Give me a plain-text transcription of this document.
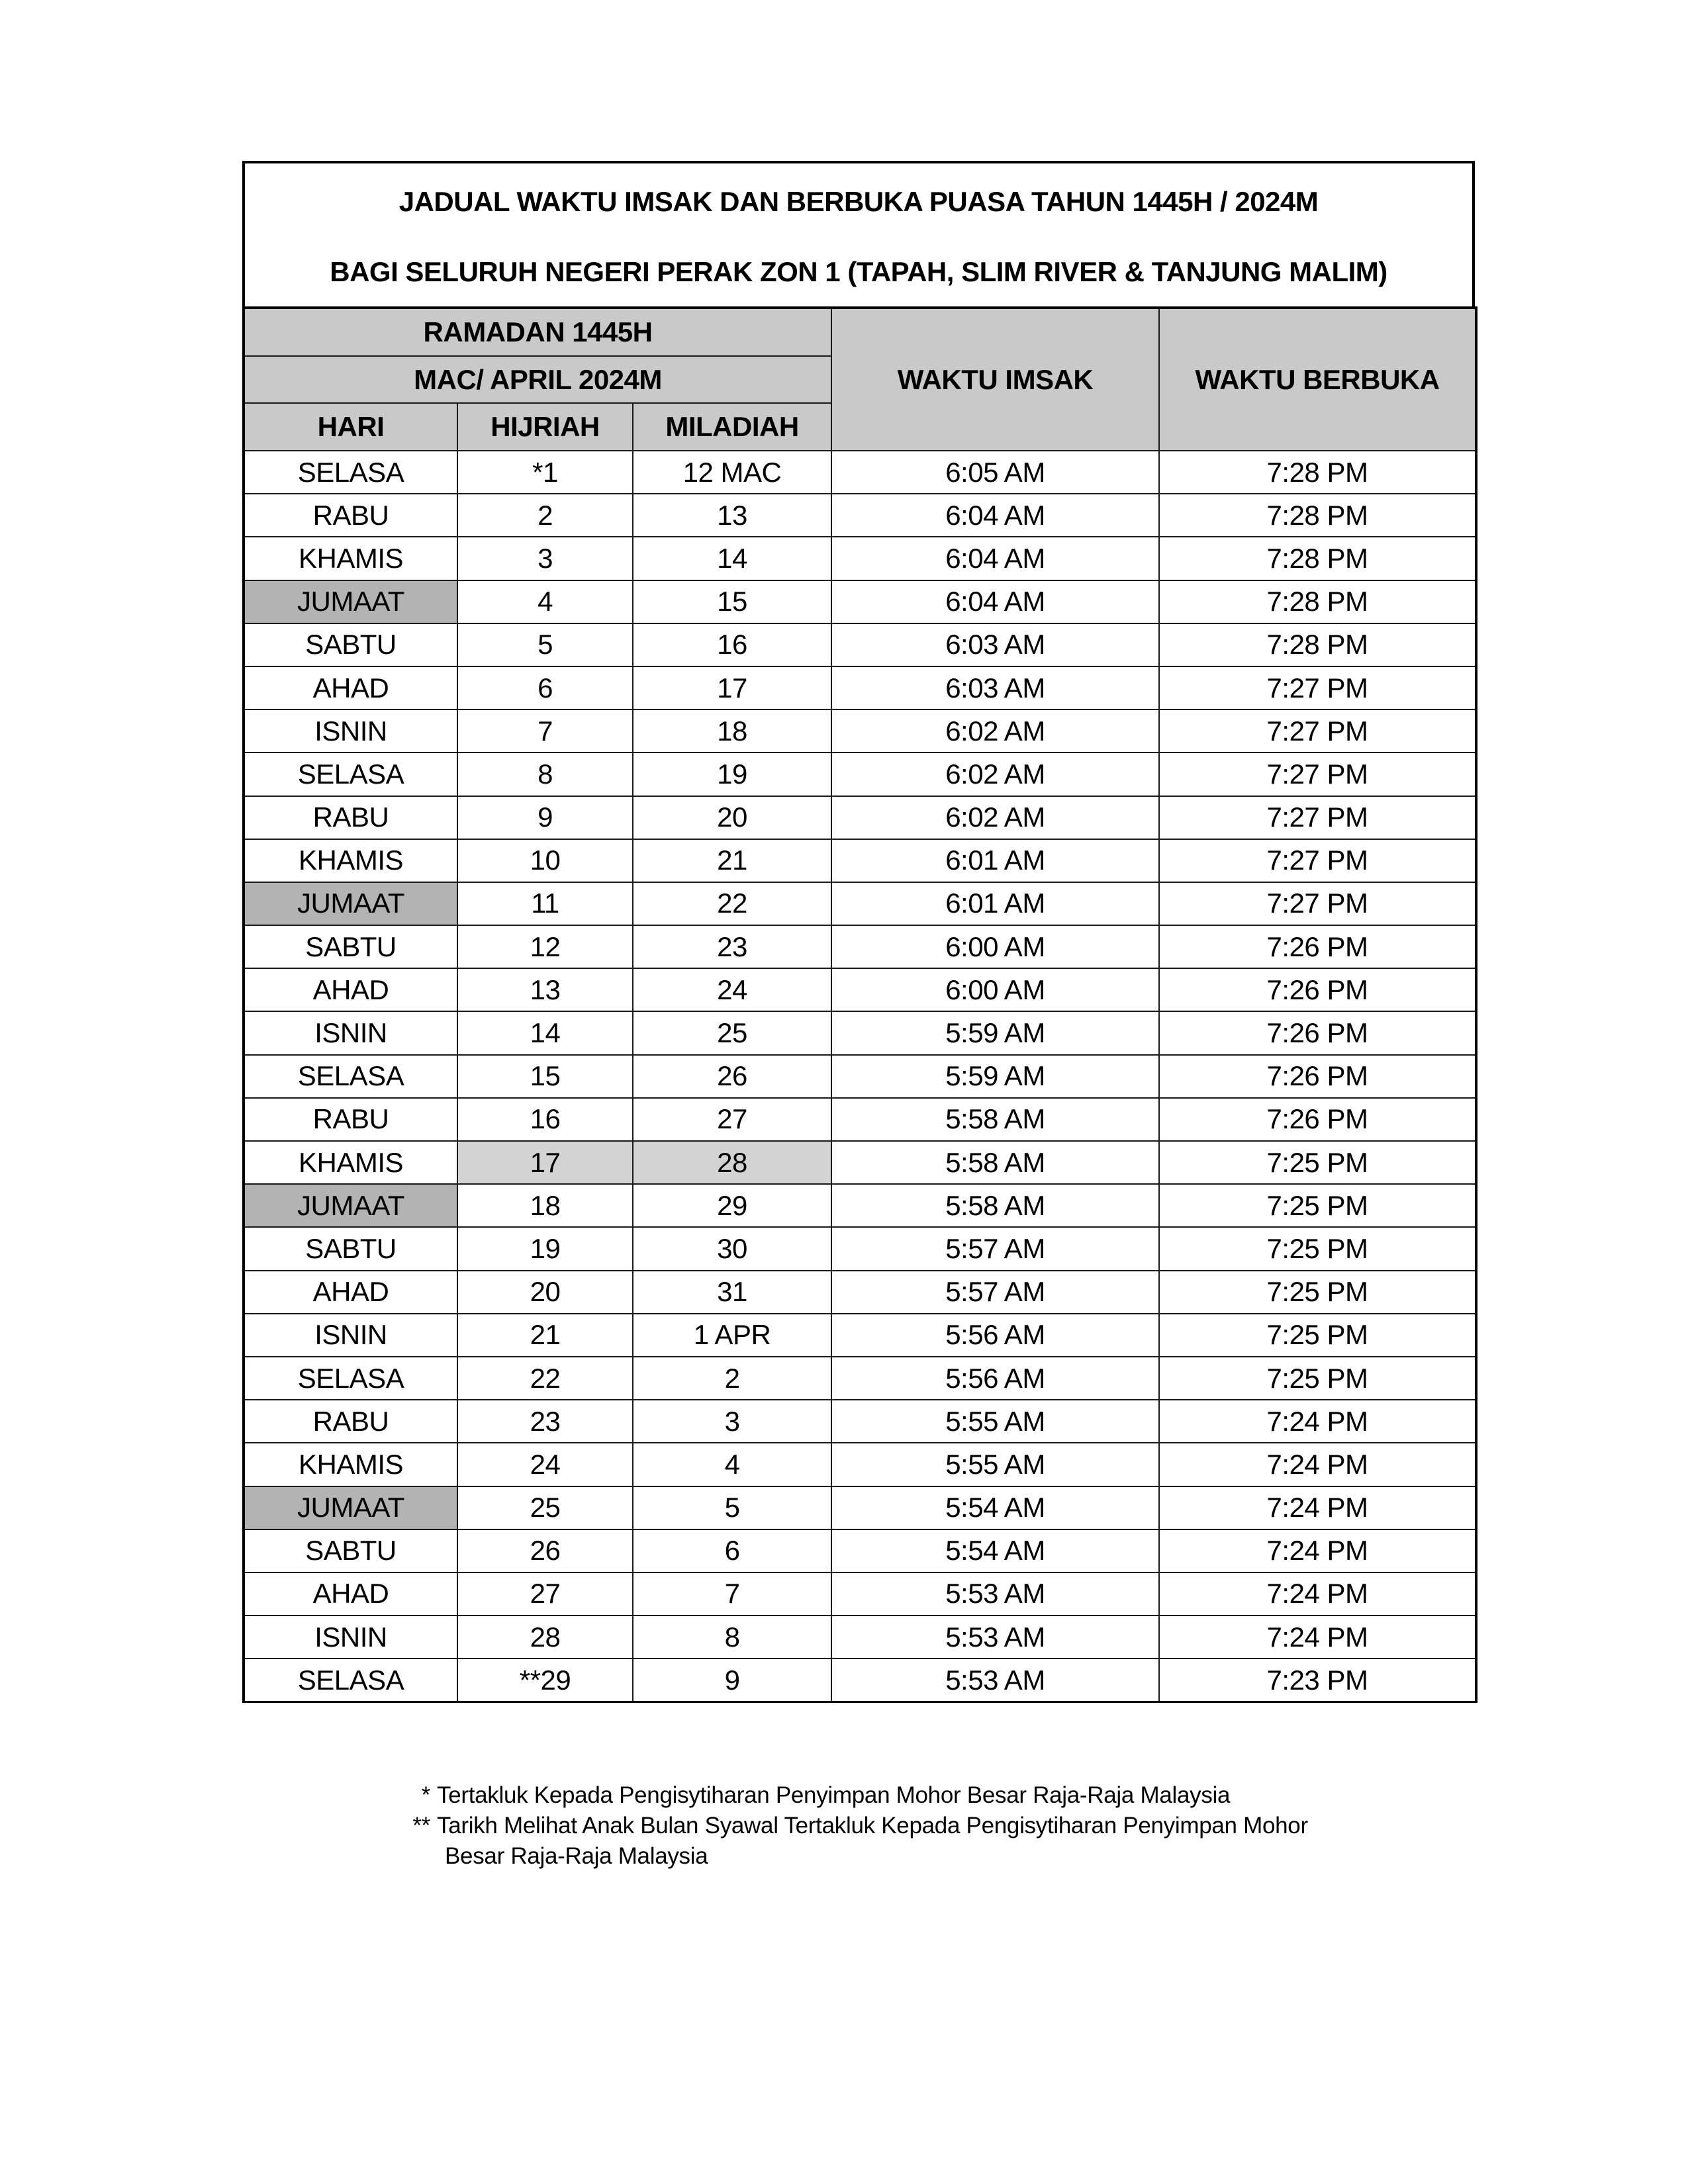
JADUAL WAKTU IMSAK DAN BERBUKA PUASA TAHUN 1445H / 2024M
BAGI SELURUH NEGERI PERAK ZON 1 (TAPAH, SLIM RIVER & TANJUNG MALIM)
RAMADAN 1445H			WAKTU IMSAK	WAKTU BERBUKA
MAC/ APRIL 2024M				
HARI	HIJRIAH	MILADIAH		
SELASA	*1	12 MAC	6:05 AM	7:28 PM
RABU	2	13	6:04 AM	7:28 PM
KHAMIS	3	14	6:04 AM	7:28 PM
JUMAAT	4	15	6:04 AM	7:28 PM
SABTU	5	16	6:03 AM	7:28 PM
AHAD	6	17	6:03 AM	7:27 PM
ISNIN	7	18	6:02 AM	7:27 PM
SELASA	8	19	6:02 AM	7:27 PM
RABU	9	20	6:02 AM	7:27 PM
KHAMIS	10	21	6:01 AM	7:27 PM
JUMAAT	11	22	6:01 AM	7:27 PM
SABTU	12	23	6:00 AM	7:26 PM
AHAD	13	24	6:00 AM	7:26 PM
ISNIN	14	25	5:59 AM	7:26 PM
SELASA	15	26	5:59 AM	7:26 PM
RABU	16	27	5:58 AM	7:26 PM
KHAMIS	17	28	5:58 AM	7:25 PM
JUMAAT	18	29	5:58 AM	7:25 PM
SABTU	19	30	5:57 AM	7:25 PM
AHAD	20	31	5:57 AM	7:25 PM
ISNIN	21	1 APR	5:56 AM	7:25 PM
SELASA	22	2	5:56 AM	7:25 PM
RABU	23	3	5:55 AM	7:24 PM
KHAMIS	24	4	5:55 AM	7:24 PM
JUMAAT	25	5	5:54 AM	7:24 PM
SABTU	26	6	5:54 AM	7:24 PM
AHAD	27	7	5:53 AM	7:24 PM
ISNIN	28	8	5:53 AM	7:24 PM
SELASA	**29	9	5:53 AM	7:23 PM
* Tertakluk Kepada Pengisytiharan Penyimpan Mohor Besar Raja-Raja Malaysia
** Tarikh Melihat Anak Bulan Syawal Tertakluk Kepada Pengisytiharan Penyimpan Mohor
Besar Raja-Raja Malaysia
